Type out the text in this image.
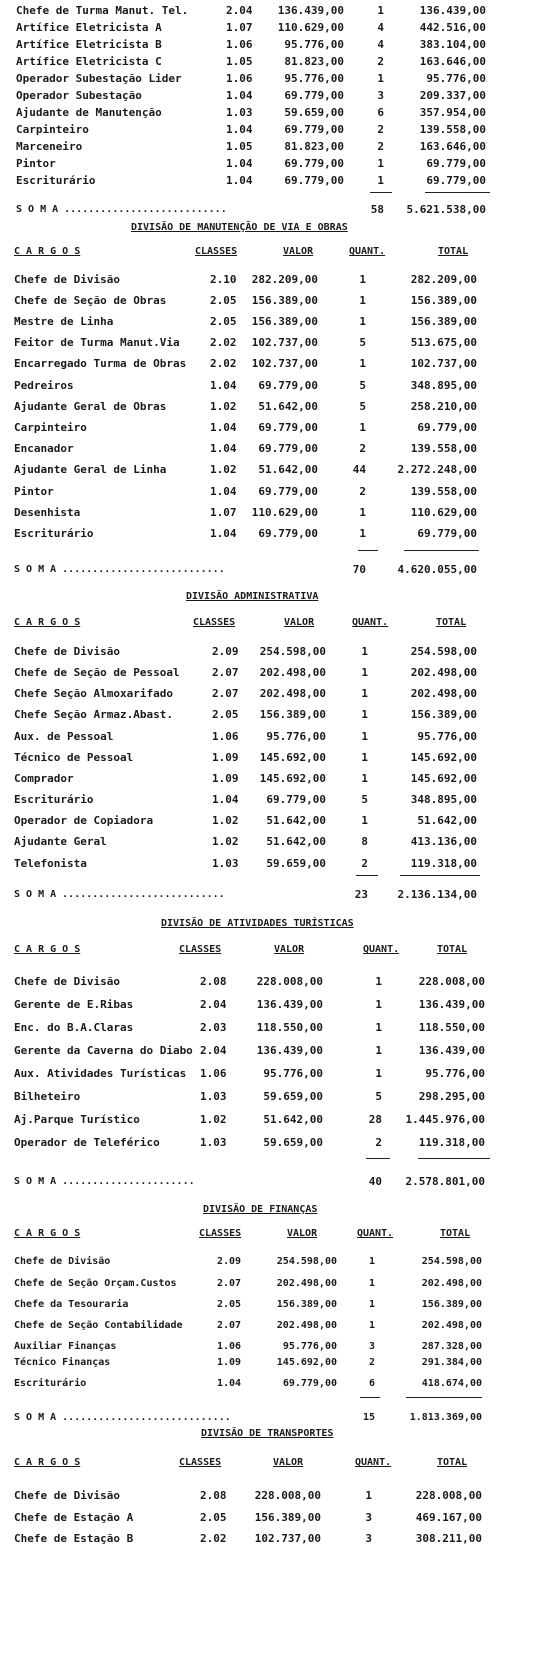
Chefe de Turma Manut. Tel.	2.04 136.439,00	1	136.439,00
Artífice Eletricista A	1.07 110.629,00	4	442.516,00
Artífice Eletricista B	1.06	95.776,00	4	383.104,00
Artífice Eletricista C	1.05	81.823,00	2	163.646,00
Operador Subestação Lider	1.06	95.776,00	1	95.776,00
Operador Subestação	1.04	69.779,00	3	209.337,00
Ajudante de Manutenção	1.03	59.659,00	6	357.954,00
Carpinteiro	1.04	69.779,00	2	139.558,00
Marceneiro	1.05	81.823,00	2	163.646,00
Pintor	1.04	69.779,00	1	69.779,00
Escriturário	1.04	69.779,00	1	69.779,00
S O M A ...........................	58 5.621.538,00
DIVISÃO DE MANUTENÇÃO DE VIA E OBRAS
C A R G O S	CLASSES	VALOR	QUANT.	TOTAL
Chefe de Divisão	2.10 282.209,00	1	282.209,00
Chefe de Seção de Obras	2.05 156.389,00	1	156.389,00
Mestre de Linha	2.05 156.389,00	1	156.389,00
Feitor de Turma Manut.Via	2.02 102.737,00	5	513.675,00
Encarregado Turma de Obras 2.02 102.737,00	1	102.737,00
Pedreiros	1.04 69.779,00	5	348.895,00
Ajudante Geral de Obras	1.02 51.642,00	5	258.210,00
Carpinteiro	1.04 69.779,00	1	69.779,00
Encanador	1.04 69.779,00	2	139.558,00
Ajudante Geral de Linha	1.02 51.642,00	44	2.272.248,00
Pintor	1.04 69.779,00	2	139.558,00
Desenhista	1.07 110.629,00	1	110.629,00
Escriturário	1.04 69.779,00	1	69.779,00
S O M A ...........................	70	4.620.055,00
DIVISÃO ADMINISTRATIVA
C A R G O S	CLASSES	VALOR	QUANT.	TOTAL
Chefe de Divisão	2.09 254.598,00	1	254.598,00
Chefe de Seção de Pessoal	2.07 202.498,00	1	202.498,00
Chefe Seção Almoxarifado	2.07 202.498,00	1	202.498,00
Chefe Seção Armaz.Abast.	2.05 156.389,00	1	156.389,00
Aux. de Pessoal	1.06	95.776,00	1	95.776,00
Técnico de Pessoal	1.09 145.692,00	1	145.692,00
Comprador	1.09 145.692,00	1	145.692,00
Escriturário	1.04	69.779,00	5	348.895,00
Operador de Copiadora	1.02	51.642,00	1	51.642,00
Ajudante Geral	1.02	51.642,00	8	413.136,00
Telefonista	1.03	59.659,00	2	119.318,00
S O M A ...........................	23	2.136.134,00
DIVISÃO DE ATIVIDADES TURÍSTICAS
C A R G O S	CLASSES	VALOR	QUANT.	TOTAL
Chefe de Divisão	2.08	228.008,00	1	228.008,00
Gerente de E.Ribas	2.04	136.439,00	1	136.439,00
Enc. do B.A.Claras	2.03	118.550,00	1	118.550,00
Gerente da Caverna do Diabo 2.04	136.439,00	1	136.439,00
Aux. Atividades Turísticas 1.06	95.776,00	1	95.776,00
Bilheteiro	1.03	59.659,00	5	298.295,00
Aj.Parque Turístico	1.02	51.642,00	28 1.445.976,00
Operador de Teleférico	1.03	59.659,00	2	119.318,00
S O M A ......................	40 2.578.801,00
DIVISÃO DE FINANÇAS
C A R G O S	CLASSES	VALOR	QUANT.	TOTAL
Chefe de Divisão	2.09	254.598,00	1	254.598,00
Chefe de Seção Orçam.Custos	2.07	202.498,00	1	202.498,00
Chefe da Tesouraria	2.05	156.389,00	1	156.389,00
Chefe de Seção Contabilidade	2.07	202.498,00	1	202.498,00
Auxiliar Finanças	1.06	95.776,00	3	287.328,00
Técnico Finanças	1.09	145.692,00	2	291.384,00
Escriturário	1.04	69.779,00	6	418.674,00
S O M A ............................	15	1.813.369,00
DIVISÃO DE TRANSPORTES
C A R G O S	CLASSES	VALOR	QUANT.	TOTAL
Chefe de Divisão	2.08	228.008,00	1	228.008,00
Chefe de Estação A	2.05	156.389,00	3	469.167,00
Chefe de Estação B	2.02	102.737,00	3	308.211,00
